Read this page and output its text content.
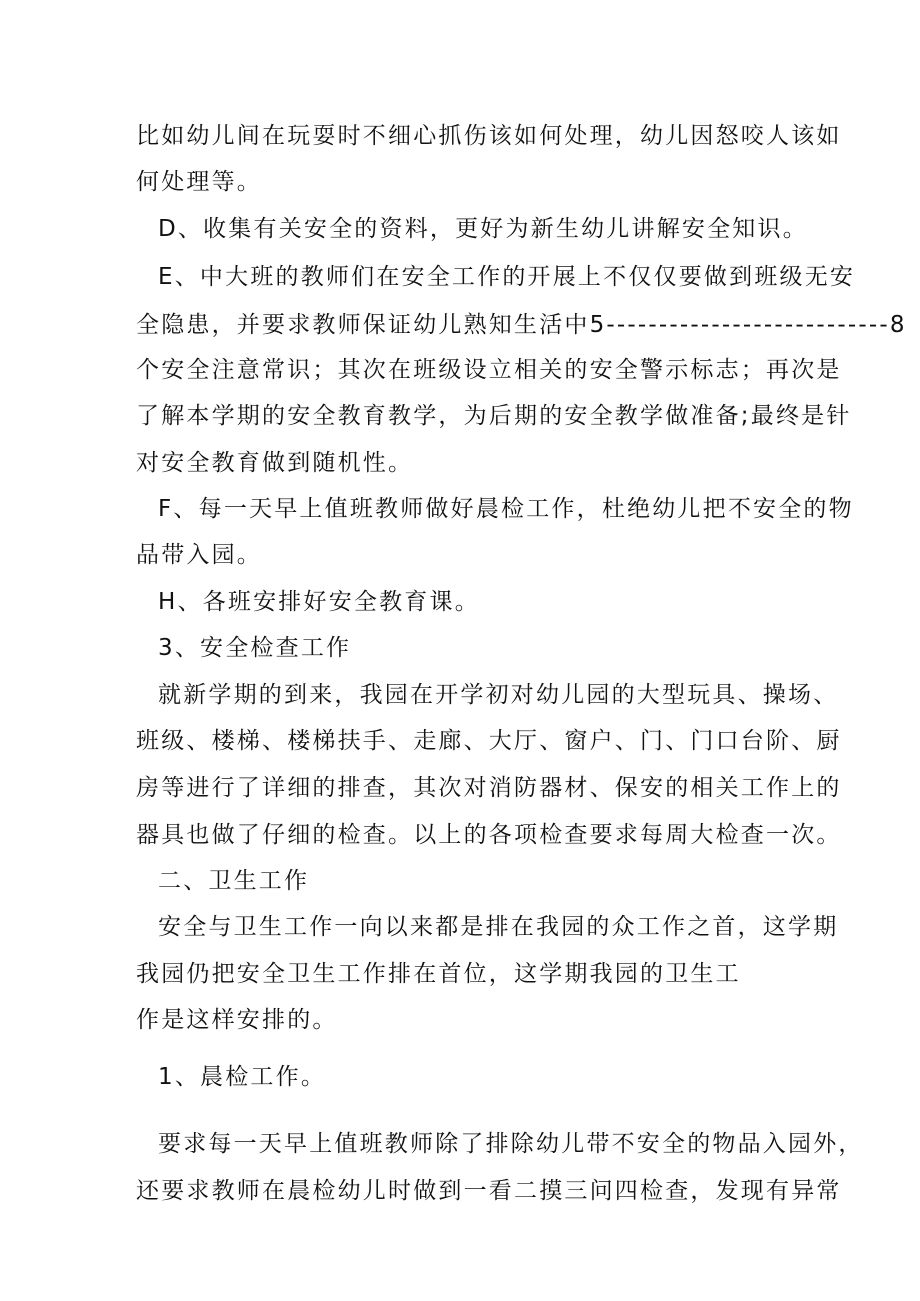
比如幼儿间在玩耍时不细心抓伤该如何处理，幼儿因怒咬人该如
何处理等。
D、收集有关安全的资料，更好为新生幼儿讲解安全知识。
E、中大班的教师们在安全工作的开展上不仅仅要做到班级无安
全隐患，并要求教师保证幼儿熟知生活中5---------------------------8
个安全注意常识；其次在班级设立相关的安全警示标志；再次是
了解本学期的安全教育教学，为后期的安全教学做准备;最终是针
对安全教育做到随机性。
F、每一天早上值班教师做好晨检工作，杜绝幼儿把不安全的物
品带入园。
H、各班安排好安全教育课。
3、安全检查工作
就新学期的到来，我园在开学初对幼儿园的大型玩具、操场、
班级、楼梯、楼梯扶手、走廊、大厅、窗户、门、门口台阶、厨
房等进行了详细的排查，其次对消防器材、保安的相关工作上的
器具也做了仔细的检查。以上的各项检查要求每周大检查一次。
二、卫生工作
安全与卫生工作一向以来都是排在我园的众工作之首，这学期
我园仍把安全卫生工作排在首位，这学期我园的卫生工
作是这样安排的。
1、晨检工作。
要求每一天早上值班教师除了排除幼儿带不安全的物品入园外，
还要求教师在晨检幼儿时做到一看二摸三问四检查，发现有异常
